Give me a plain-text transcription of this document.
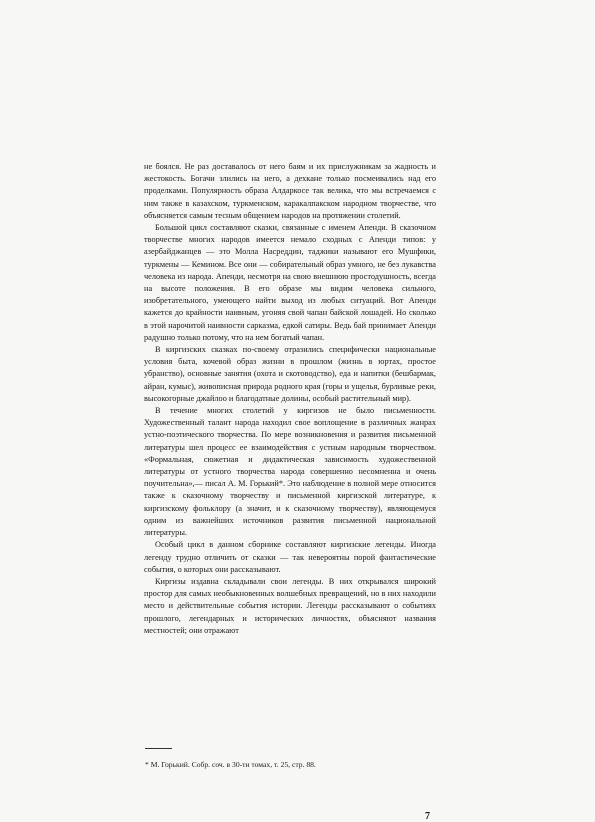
не боялся. Не раз доставалось от него баям и их прислужникам за жадность и жестокость. Богачи злились на него, а дехкане только посмеивались над его проделками. Популярность образа Алдаркосе так велика, что мы встречаемся с ним также в казахском, туркменском, каракалпакском народном творчестве, что объясняется самым тесным общением народов на протяжении столетий.

Большой цикл составляют сказки, связанные с именем Апенди. В сказочном творчестве многих народов имеется немало сходных с Апенди типов: у азербайджанцев — это Молла Насреддин, таджики называют его Мушфики, туркмены — Кемином. Все они — собирательный образ умного, не без лукавства человека из народа. Апенди, несмотря на свою внешнюю простодушность, всегда на высоте положения. В его образе мы видим человека сильного, изобретательного, умеющего найти выход из любых ситуаций. Вот Апенди кажется до крайности наивным, угоняя свой чапан байской лошадей. Но сколько в этой нарочитой наивности сарказма, едкой сатиры. Ведь бай принимает Апенди радушно только потому, что на нем богатый чапан.

В киргизских сказках по-своему отразились специфически национальные условия быта, кочевой образ жизни в прошлом (жизнь в юртах, простое убранство), основные занятия (охота и скотоводство), еда и напитки (бешбармак, айран, кумыс), живописная природа родного края (горы и ущелья, бурливые реки, высокогорные джайлоо и благодатные долины, особый растительный мир).

В течение многих столетий у киргизов не было письменности. Художественный талант народа находил свое воплощение в различных жанрах устно-поэтического творчества. По мере возникновения и развития письменной литературы шел процесс ее взаимодействия с устным народным творчеством. «Формальная, сюжетная и дидактическая зависимость художественной литературы от устного творчества народа совершенно несомненна и очень поучительна»,— писал А. М. Горький*. Это наблюдение в полной мере относится также к сказочному творчеству и письменной киргизской литературе, к киргизскому фольклору (а значит, и к сказочному творчеству), являющемуся одним из важнейших источников развития письменной национальной литературы.

Особый цикл в данном сборнике составляют киргизские легенды. Иногда легенду трудно отличить от сказки — так невероятны порой фантастические события, о которых они рассказывают.

Киргизы издавна складывали свои легенды. В них открывался широкий простор для самых необыкновенных волшебных превращений, но в них находили место и действительные события истории. Легенды рассказывают о событиях прошлого, легендарных и исторических личностях, объясняют названия местностей; они отражают

* М. Горький. Собр. соч. в 30-ти томах, т. 25, стр. 88.
7
